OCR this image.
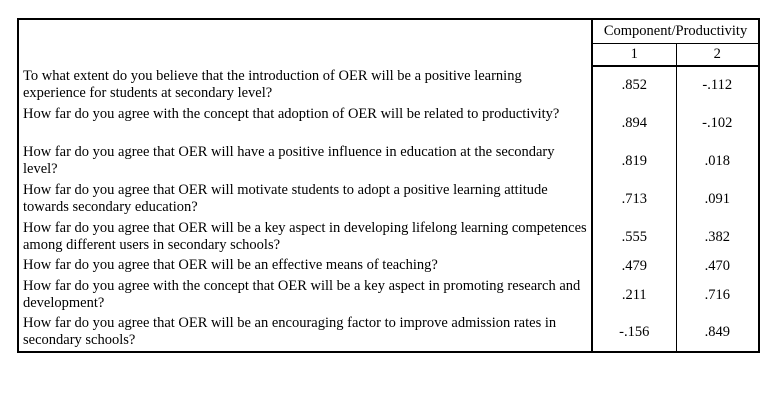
	Component/Productivity	
	1	2
To what extent do you believe that the introduction of OER will be a positive learning experience for students at secondary level?	.852	-.112
How far do you agree with the concept that adoption of OER will be related to productivity?	.894	-.102
How far do you agree that OER will have a positive influence in education at the secondary level?	.819	.018
How far do you agree that OER will motivate students to adopt a positive learning attitude towards secondary education?	.713	.091
How far do you agree that OER will be a key aspect in developing lifelong learning competences among different users in secondary schools?	.555	.382
How far do you agree that OER will be an effective means of teaching?	.479	.470
How far do you agree with the concept that OER will be a key aspect in promoting research and development?	.211	.716
How far do you agree that OER will be an encouraging factor to improve admission rates in secondary schools?	-.156	.849
